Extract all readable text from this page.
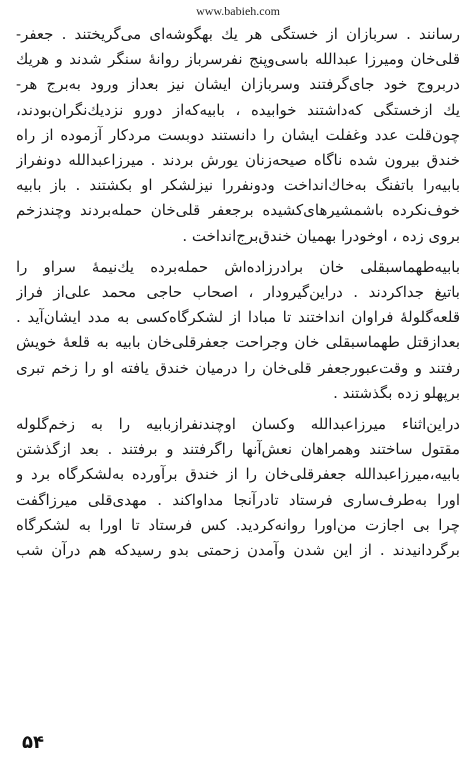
www.babieh.com

رسانند . سربازان از خستگی هر یك بهگوشه‌ای می‌گریختند . جعفر-

قلی‌خان ومیرزا عبدالله باسی‌وپنج نفرسرباز روانهٔ سنگر شدند و هریك

دربروج خود جای‌گرفتند وسربازان ایشان نیز بعداز ورود به‌برج هر-

یك ازخستگی که‌داشتند خوابیده ، بابیه‌که‌از دورو نزدیك‌نگران‌بودند،

چون‌قلت عدد وغفلت ایشان را دانستند دوبست مردکار آزموده از راه

خندق بیرون شده ناگاه صیحه‌زنان یورش بردند . میرزاعبدالله دونفراز

بابیه‌را باتفنگ به‌خاك‌انداخت ودونفررا نیزلشکر او بکشتند . باز بابیه

خوف‌نکرده باشمشیرهای‌کشیده برجعفر قلی‌خان حمله‌بردند وچندزخم

بروی زده ، اوخودرا بهمیان خندق‌برج‌انداخت .

بابیه‌طهماسبقلی خان برادرزاده‌اش حمله‌برده یك‌نیمهٔ سراو را

باتیغ جداکردند . دراین‌گیرودار ، اصحاب حاجی محمد علی‌از فراز

قلعه‌گلولهٔ فراوان انداختند تا مبادا از لشکرگاه‌کسی به مدد ایشان‌آید .

بعدازقتل طهماسبقلی خان وجراحت جعفرقلی‌خان بابیه به قلعهٔ خویش

رفتند و وقت‌عبورجعفر قلی‌خان را درمیان خندق یافته او را زخم تبری

برپهلو زده بگذشتند .

دراین‌اثناء میرزاعبدالله وکسان اوچندنفرازبابیه را به زخم‌گلوله

مقتول ساختند وهمراهان نعش‌آنها راگرفتند و برفتند . بعد ازگذشتن

بابیه،میرزاعبدالله جعفرقلی‌خان را از خندق برآورده به‌لشکرگاه برد و

اورا به‌طرف‌ساری فرستاد تادرآنجا مداوا‌کند . مهدی‌قلی میرزاگفت

چرا بی اجازت من‌اورا روانه‌کردید. کس فرستاد تا اورا به لشکرگاه

برگردانیدند . از این شدن وآمدن زحمتی بدو رسیدکه هم درآن شب

۵۴
